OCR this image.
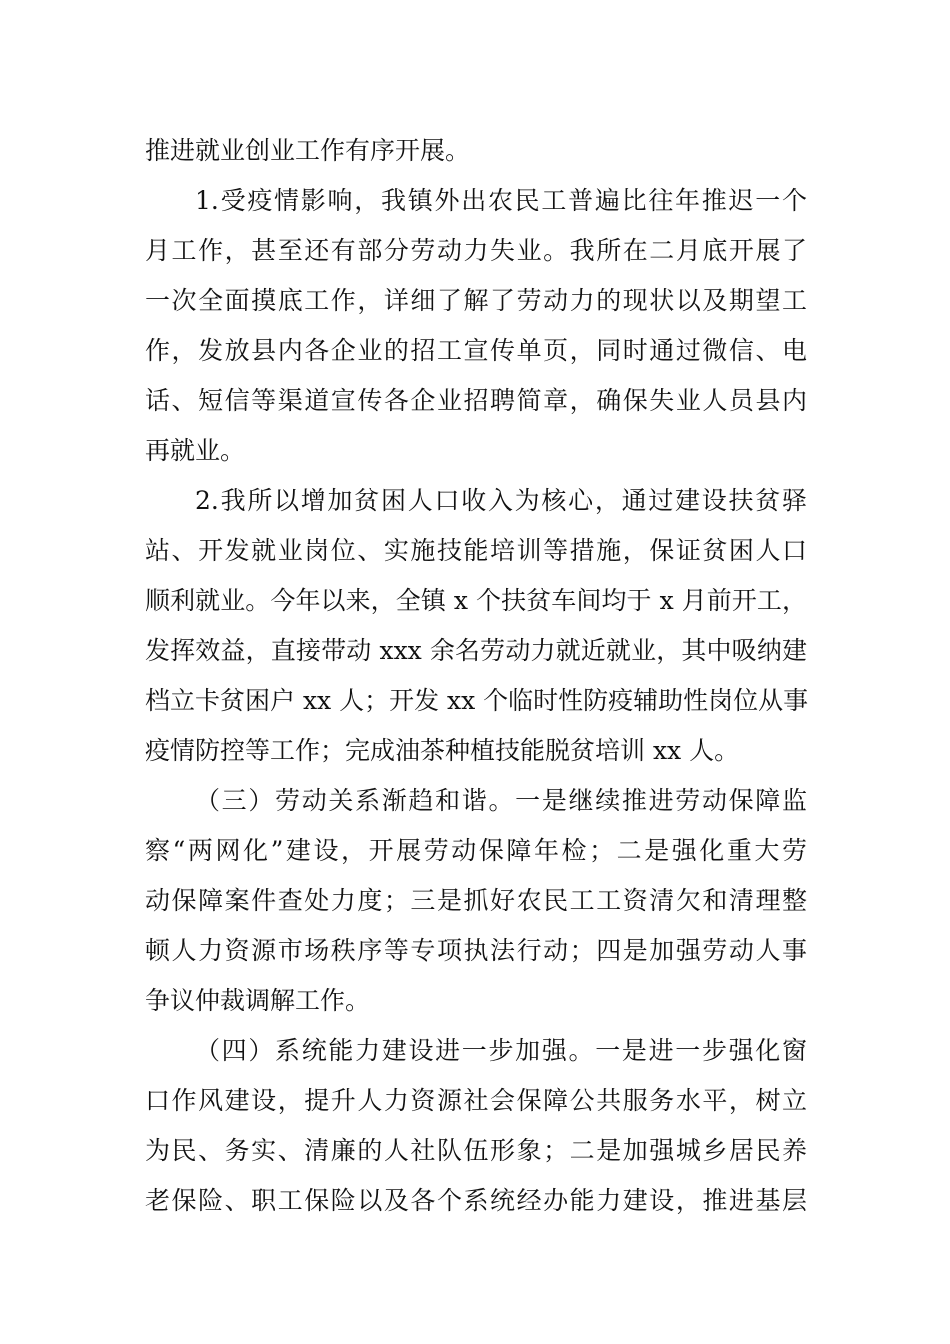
推进就业创业工作有序开展。
1.受疫情影响，我镇外出农民工普遍比往年推迟一个
月工作，甚至还有部分劳动力失业。我所在二月底开展了
一次全面摸底工作，详细了解了劳动力的现状以及期望工
作，发放县内各企业的招工宣传单页，同时通过微信、电
话、短信等渠道宣传各企业招聘简章，确保失业人员县内
再就业。
2.我所以增加贫困人口收入为核心，通过建设扶贫驿
站、开发就业岗位、实施技能培训等措施，保证贫困人口
顺利就业。今年以来，全镇 x 个扶贫车间均于 x 月前开工，
发挥效益，直接带动 xxx 余名劳动力就近就业，其中吸纳建
档立卡贫困户 xx 人；开发 xx 个临时性防疫辅助性岗位从事
疫情防控等工作；完成油茶种植技能脱贫培训 xx 人。
（三）劳动关系渐趋和谐。一是继续推进劳动保障监
察“两网化”建设，开展劳动保障年检；二是强化重大劳
动保障案件查处力度；三是抓好农民工工资清欠和清理整
顿人力资源市场秩序等专项执法行动；四是加强劳动人事
争议仲裁调解工作。
（四）系统能力建设进一步加强。一是进一步强化窗
口作风建设，提升人力资源社会保障公共服务水平，树立
为民、务实、清廉的人社队伍形象；二是加强城乡居民养
老保险、职工保险以及各个系统经办能力建设，推进基层
